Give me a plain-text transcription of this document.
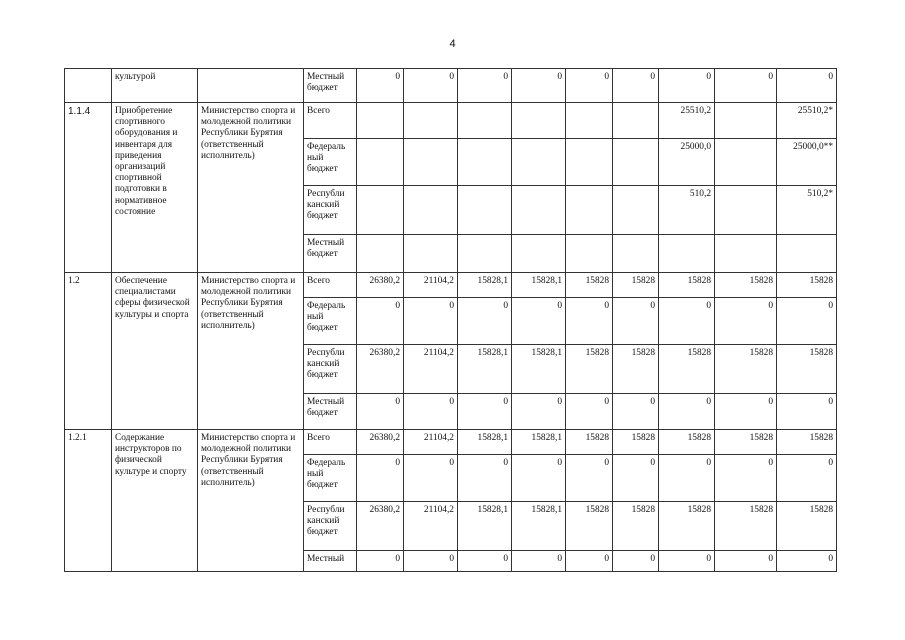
4
	культурой		Местный бюджет	0	0	0	0	0	0	0	0	0
1.1.4	Приобретение спортивного оборудования и инвентаря для приведения организаций спортивной подготовки в нормативное состояние	Министерство спорта и молодежной политики Республики Бурятия (ответственный исполнитель)	Всего							25510,2		25510,2*
			Федераль ный бюджет							25000,0		25000,0**
			Республи канский бюджет							510,2		510,2*
			Местный бюджет									
1.2	Обеспечение специалистами сферы физической культуры и спорта	Министерство спорта и молодежной политики Республики Бурятия (ответственный исполнитель)	Всего	26380,2	21104,2	15828,1	15828,1	15828	15828	15828	15828	15828
			Федераль ный бюджет	0	0	0	0	0	0	0	0	0
			Республи канский бюджет	26380,2	21104,2	15828,1	15828,1	15828	15828	15828	15828	15828
			Местный бюджет	0	0	0	0	0	0	0	0	0
1.2.1	Содержание инструкторов по физической культуре и спорту	Министерство спорта и молодежной политики Республики Бурятия (ответственный исполнитель)	Всего	26380,2	21104,2	15828,1	15828,1	15828	15828	15828	15828	15828
			Федераль ный бюджет	0	0	0	0	0	0	0	0	0
			Республи канский бюджет	26380,2	21104,2	15828,1	15828,1	15828	15828	15828	15828	15828
			Местный	0	0	0	0	0	0	0	0	0
